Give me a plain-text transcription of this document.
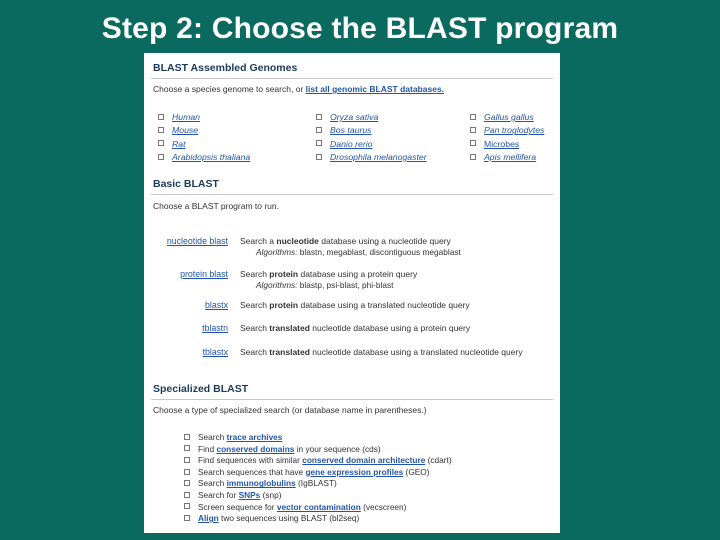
Step 2: Choose the BLAST program
BLAST Assembled Genomes
Choose a species genome to search, or list all genomic BLAST databases.
Human
Mouse
Rat
Arabidopsis thaliana
Oryza sativa
Bos taurus
Danio rerio
Drosophila melanogaster
Gallus gallus
Pan troglodytes
Microbes
Apis mellifera
Basic BLAST
Choose a BLAST program to run.
nucleotide blast Search a nucleotide database using a nucleotide query
Algorithms: blastn, megablast, discontiguous megablast
protein blast Search protein database using a protein query
Algorithms: blastp, psi-blast, phi-blast
blastx Search protein database using a translated nucleotide query
tblastn Search translated nucleotide database using a protein query
tblastx Search translated nucleotide database using a translated nucleotide query
Specialized BLAST
Choose a type of specialized search (or database name in parentheses.)
Search trace archives
Find conserved domains in your sequence (cds)
Find sequences with similar conserved domain architecture (cdart)
Search sequences that have gene expression profiles (GEO)
Search immunoglobulins (IgBLAST)
Search for SNPs (snp)
Screen sequence for vector contamination (vecscreen)
Align two sequences using BLAST (bl2seq)
